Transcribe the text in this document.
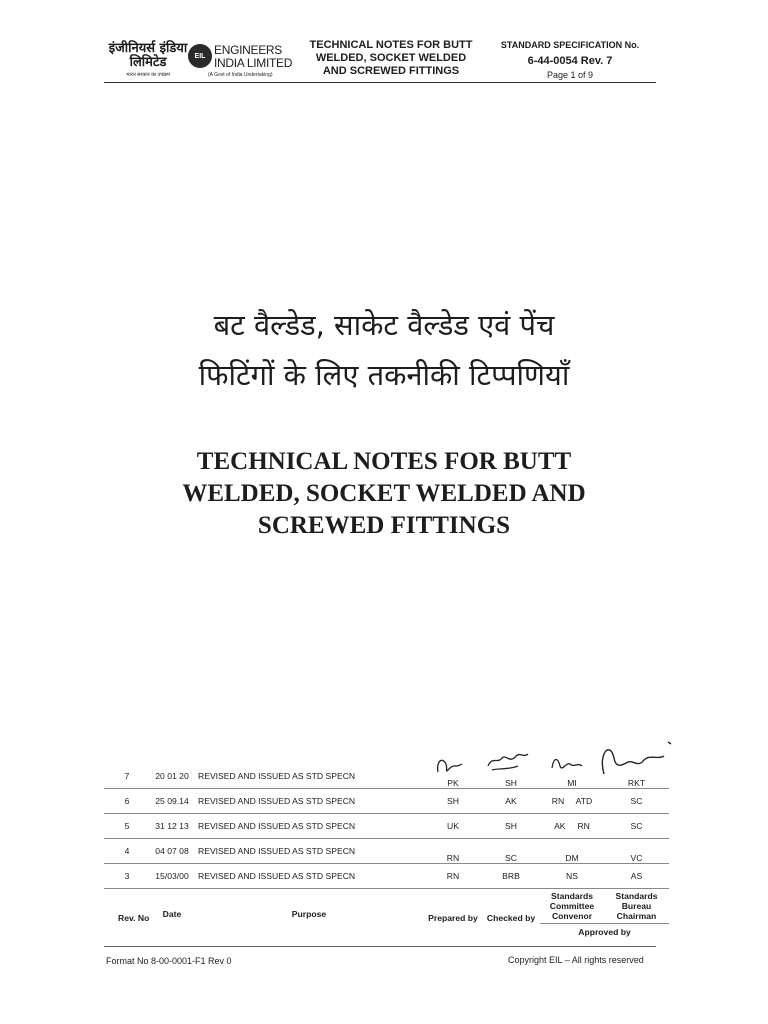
इंजीनियर्स इंडिया लिमिटेड	EIL ENGINEERS INDIA LIMITED
भारत सरकार का उपक्रम	(A Govt of India Undertaking)
TECHNICAL NOTES FOR BUTT
WELDED, SOCKET WELDED
AND SCREWED FITTINGS
STANDARD SPECIFICATION No.
6-44-0054 Rev. 7
Page 1 of 9
बट वैल्डेड, साकेट वैल्डेड एवं पेंच
फिटिंगों के लिए तकनीकी टिप्पणियाँ
TECHNICAL NOTES FOR BUTT
WELDED, SOCKET WELDED AND
SCREWED FITTINGS
7	20 01 20	REVISED AND ISSUED AS STD SPECN	PK	SH	MI	RKT
6	25 09.14	REVISED AND ISSUED AS STD SPECN	SH	AK	RN     ATD	SC
5	31 12 13	REVISED AND ISSUED AS STD SPECN	UK	SH	AK     RN	SC
4	04 07 08	REVISED AND ISSUED AS STD SPECN	RN	SC	DM	VC
3	15/03/00	REVISED AND ISSUED AS STD SPECN	RN	BRB	NS	AS
Rev. No	Date	Purpose	Prepared by	Checked by	Standards Committee Convenor	Standards Bureau Chairman
					Approved by	
Format No 8-00-0001-F1 Rev 0	Copyright EIL – All rights reserved
